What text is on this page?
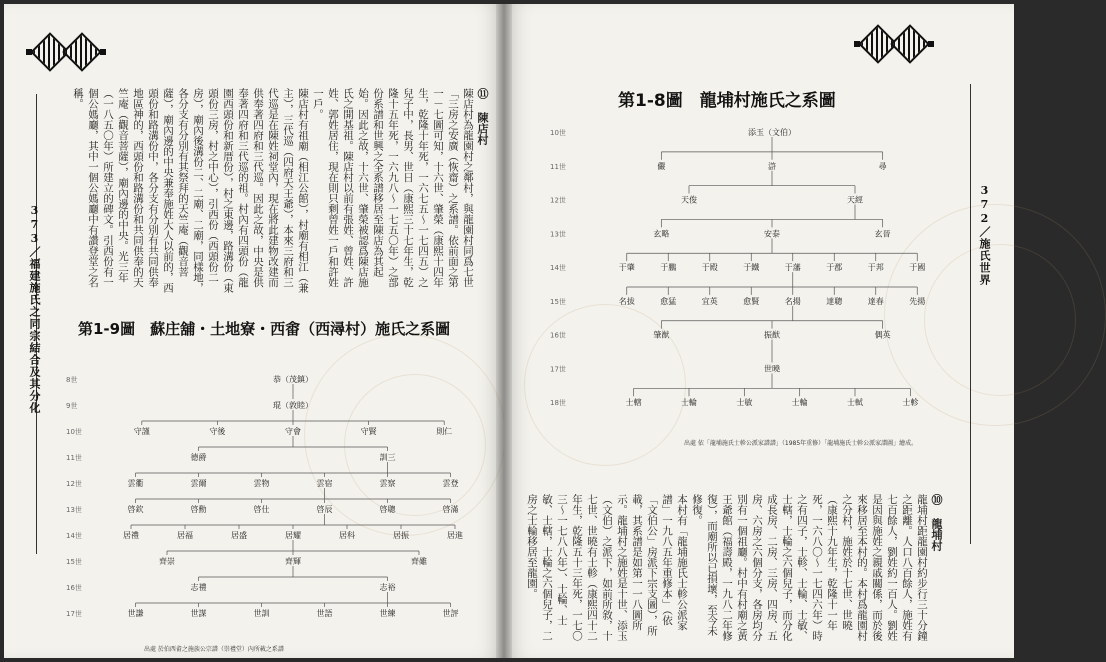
373／福建施氏之同宗結合及其分化

⑪ 陳店村

陳店村為龍園村之鄰村，與龍園村同爲七世「三房之安廣（恢齋）之系譜。依前面之第一－七圖可知，十六世、肇榮（康熙十四年生，乾隆十年死，一六七五～一七四五）之兒子中，長男、世日（康熙三十七年生，乾隆十五年死，一六九八～一七五〇年）之部份系譜和世興之全系譜移居至陳店為其起始。因此之故，十六世、肇榮被認爲陳店施氏之開基祖。陳店村以前有張姓、曾姓、許姓、郭姓居住，現在則只剩曾姓一戶和許姓一戶。

陳店村有祖廟（相江公館），村廟有相江（兼主），三代巡（四府天王爺），本來三府和三代巡是在陳姓祠堂內，現在將此建物改建而供奉著四府和三代巡。因此之故，中央是供奉著四府和三代巡的祖。村內有四頭份（龍園西頭份和新厝份），村之東邊，路溝份（東頭份三房，村之中心），引西份（西頭份二房），廟內後溝份二、二廟、二廟，同樣地，各分支有分別有其祭拜的天竺庵（觀音菩薩），廟內邊的中央兼奉施姓大人以前的，西頭份和路溝份中，各分支有分別有共同供奉地區神的，西頭份和路溝份和共同供奉的天竺庵（觀音菩薩），廟內邊的中央。光三年（一八五〇年）所建立的碑文。引西份有一個公媽廳，其中一個公媽廳中有讚登堂之名稱。

第1-9圖　蘇庄舖・土地寮・西畬（西潯村）施氏之系圖
8世	恭（茂鎮）
9世	琨（敦睦）
10世	守謹	守後	守會	守賢	則仁
11世	德爵	訓三
12世	雲衢	雲爾	雲物	雲宿	雲察	雲登
13世	啓欽	啓勳	啓仕	啓辰	啓聰	啓滿
14世	居禮	居福	居盛	居耀	居科	居振	居進
15世	齊崇	齊輝	齊雖
16世	志禮	志裕
17世	世謙	世謀	世訓	世語	世練	世評
出處 於伯西畬之施族公宗譜（崇禮堂）內所載之系譜
372／施氏世界
第1-8圖　龍埔村施氏之系圖
10世	添玉（文伯）
11世	儼	滸	尋
12世	天俊	天經
13世	玄略	安泰	玄晉
14世	于肇	于鵬	于殿	于鐵	于藩	于郡	于邦	于國
15世	名拔	愈猛	宜英	愈賢	名揚	達聰	達春	先揚
16世	肇猷	振猷	偶英
17世	世曉
18世	士轄	士輪	士敏	士輪	士軾	士軫
出處 依「龍埔施氏士軫公派家譜譜」（1985年重修）「龍埔施氏士軫公派家譜圖」繪成。

⑩ 龍埔村

龍埔村距龍園村約步行三十分鐘之距離。人口八百餘人，施姓有七百餘人，劉姓約一百人。劉姓是因與施姓之親戚關係，而於後來移居至本村的。本村爲龍園村之分村，施姓於十七世、世曉（康熙十九年生，乾隆十一年死，一六八〇～一七四六年）時之有四子，士軫、士輪、士敏、士轄，士輪之六個兒子，而分化成長房、二房、三房、四房、五房、六房之六個分支，各房均分別有一個祖廳。村中有村廟之黃王爺館（福壽殿，一九八二年修復），而廟所以已損壞，至今未修復。

本村有「龍埔施氏士軫公派家譜」一九八五年重修本」（依「文伯公」房派下宗支圖），所載，其系譜是如第一一八圖所示。龍埔村之施姓是十世、添玉（文伯）之派下，如前所敘，十七世、世曉有士軫（康熙四十二年生，乾隆五十三年死，一七〇三～一七八八年）、士輪、士敏、士轄，士輪之六個兒子，二房之士輪移居至龍園。
